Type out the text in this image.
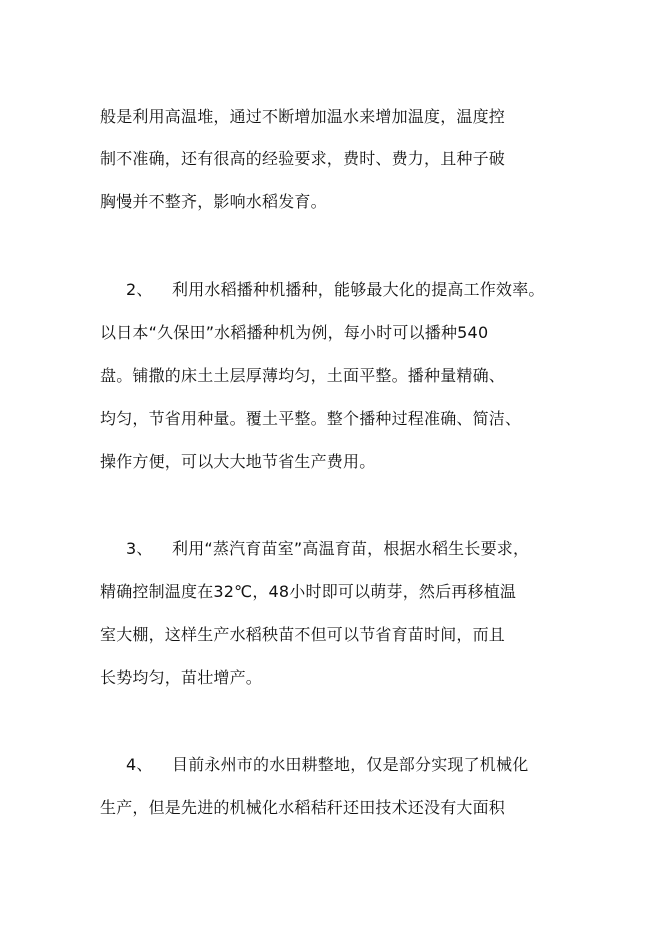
般是利用高温堆，通过不断增加温水来增加温度，温度控
制不准确，还有很高的经验要求，费时、费力，且种子破
胸慢并不整齐，影响水稻发育。
2、 利用水稻播种机播种，能够最大化的提高工作效率。
以日本“久保田”水稻播种机为例，每小时可以播种540
盘。铺撒的床土土层厚薄均匀，土面平整。播种量精确、
均匀，节省用种量。覆土平整。整个播种过程准确、简洁、
操作方便，可以大大地节省生产费用。
3、 利用“蒸汽育苗室”高温育苗，根据水稻生长要求，
精确控制温度在32℃，48小时即可以萌芽，然后再移植温
室大棚，这样生产水稻秧苗不但可以节省育苗时间，而且
长势均匀，苗壮增产。
4、 目前永州市的水田耕整地，仅是部分实现了机械化
生产，但是先进的机械化水稻秸秆还田技术还没有大面积
